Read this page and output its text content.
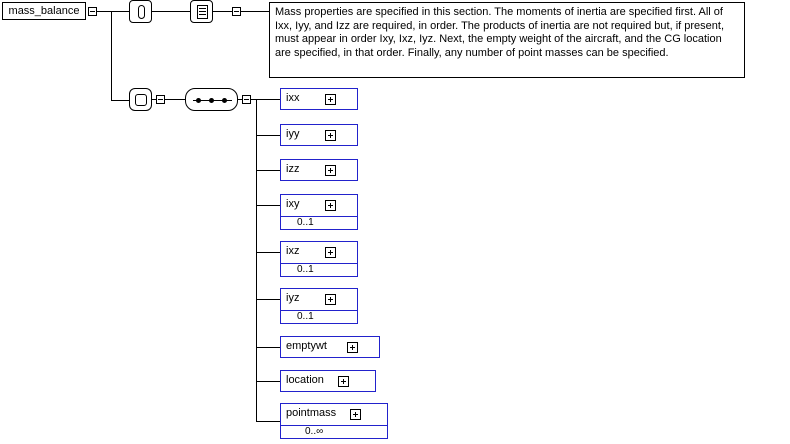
mass_balance	Mass properties are specified in this section. The moments of inertia are specified first. All of Ixx, Iyy, and Izz are required, in order. The products of inertia are not required but, if present, must appear in order Ixy, Ixz, Iyz. Next, the empty weight of the aircraft, and the CG location are specified, in that order. Finally, any number of point masses can be specified.
ixx
iyy
izz
ixy
0..1
ixz
0..1
iyz
0..1
emptywt
location
pointmass
0..∞
